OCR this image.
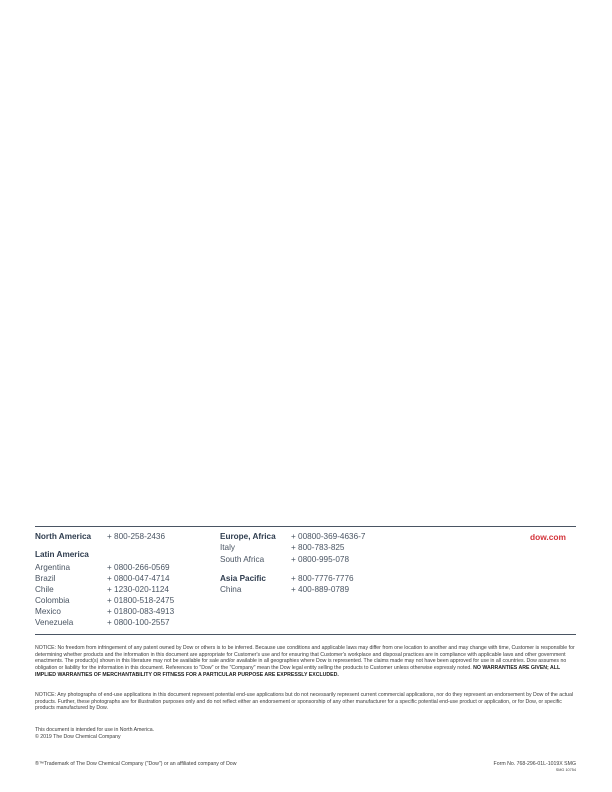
North America	+ 800-258-2436
Latin America
Argentina	+ 0800-266-0569
Brazil	+ 0800-047-4714
Chile	+ 1230-020-1124
Colombia	+ 01800-518-2475
Mexico	+ 01800-083-4913
Venezuela	+ 0800-100-2557
Europe, Africa	+ 00800-369-4636-7
Italy	+ 800-783-825
South Africa	+ 0800-995-078
Asia Pacific	+ 800-7776-7776
China	+ 400-889-0789
dow.com
NOTICE: No freedom from infringement of any patent owned by Dow or others is to be inferred. Because use conditions and applicable laws may differ from one location to another and may change with time, Customer is responsible for determining whether products and the information in this document are appropriate for Customer's use and for ensuring that Customer's workplace and disposal practices are in compliance with applicable laws and other government enactments. The product(s) shown in this literature may not be available for sale and/or available in all geographies where Dow is represented. The claims made may not have been approved for use in all countries. Dow assumes no obligation or liability for the information in this document. References to "Dow" or the "Company" mean the Dow legal entity selling the products to Customer unless otherwise expressly noted. NO WARRANTIES ARE GIVEN; ALL IMPLIED WARRANTIES OF MERCHANTABILITY OR FITNESS FOR A PARTICULAR PURPOSE ARE EXPRESSLY EXCLUDED.
NOTICE: Any photographs of end-use applications in this document represent potential end-use applications but do not necessarily represent current commercial applications, nor do they represent an endorsement by Dow of the actual products. Further, these photographs are for illustration purposes only and do not reflect either an endorsement or sponsorship of any other manufacturer for a specific potential end-use product or application, or for Dow, or specific products manufactured by Dow.
This document is intended for use in North America.
© 2019 The Dow Chemical Company
®™Trademark of The Dow Chemical Company ("Dow") or an affiliated company of Dow	Form No. 768-296-01L-1019X SMG
SMG 10754
